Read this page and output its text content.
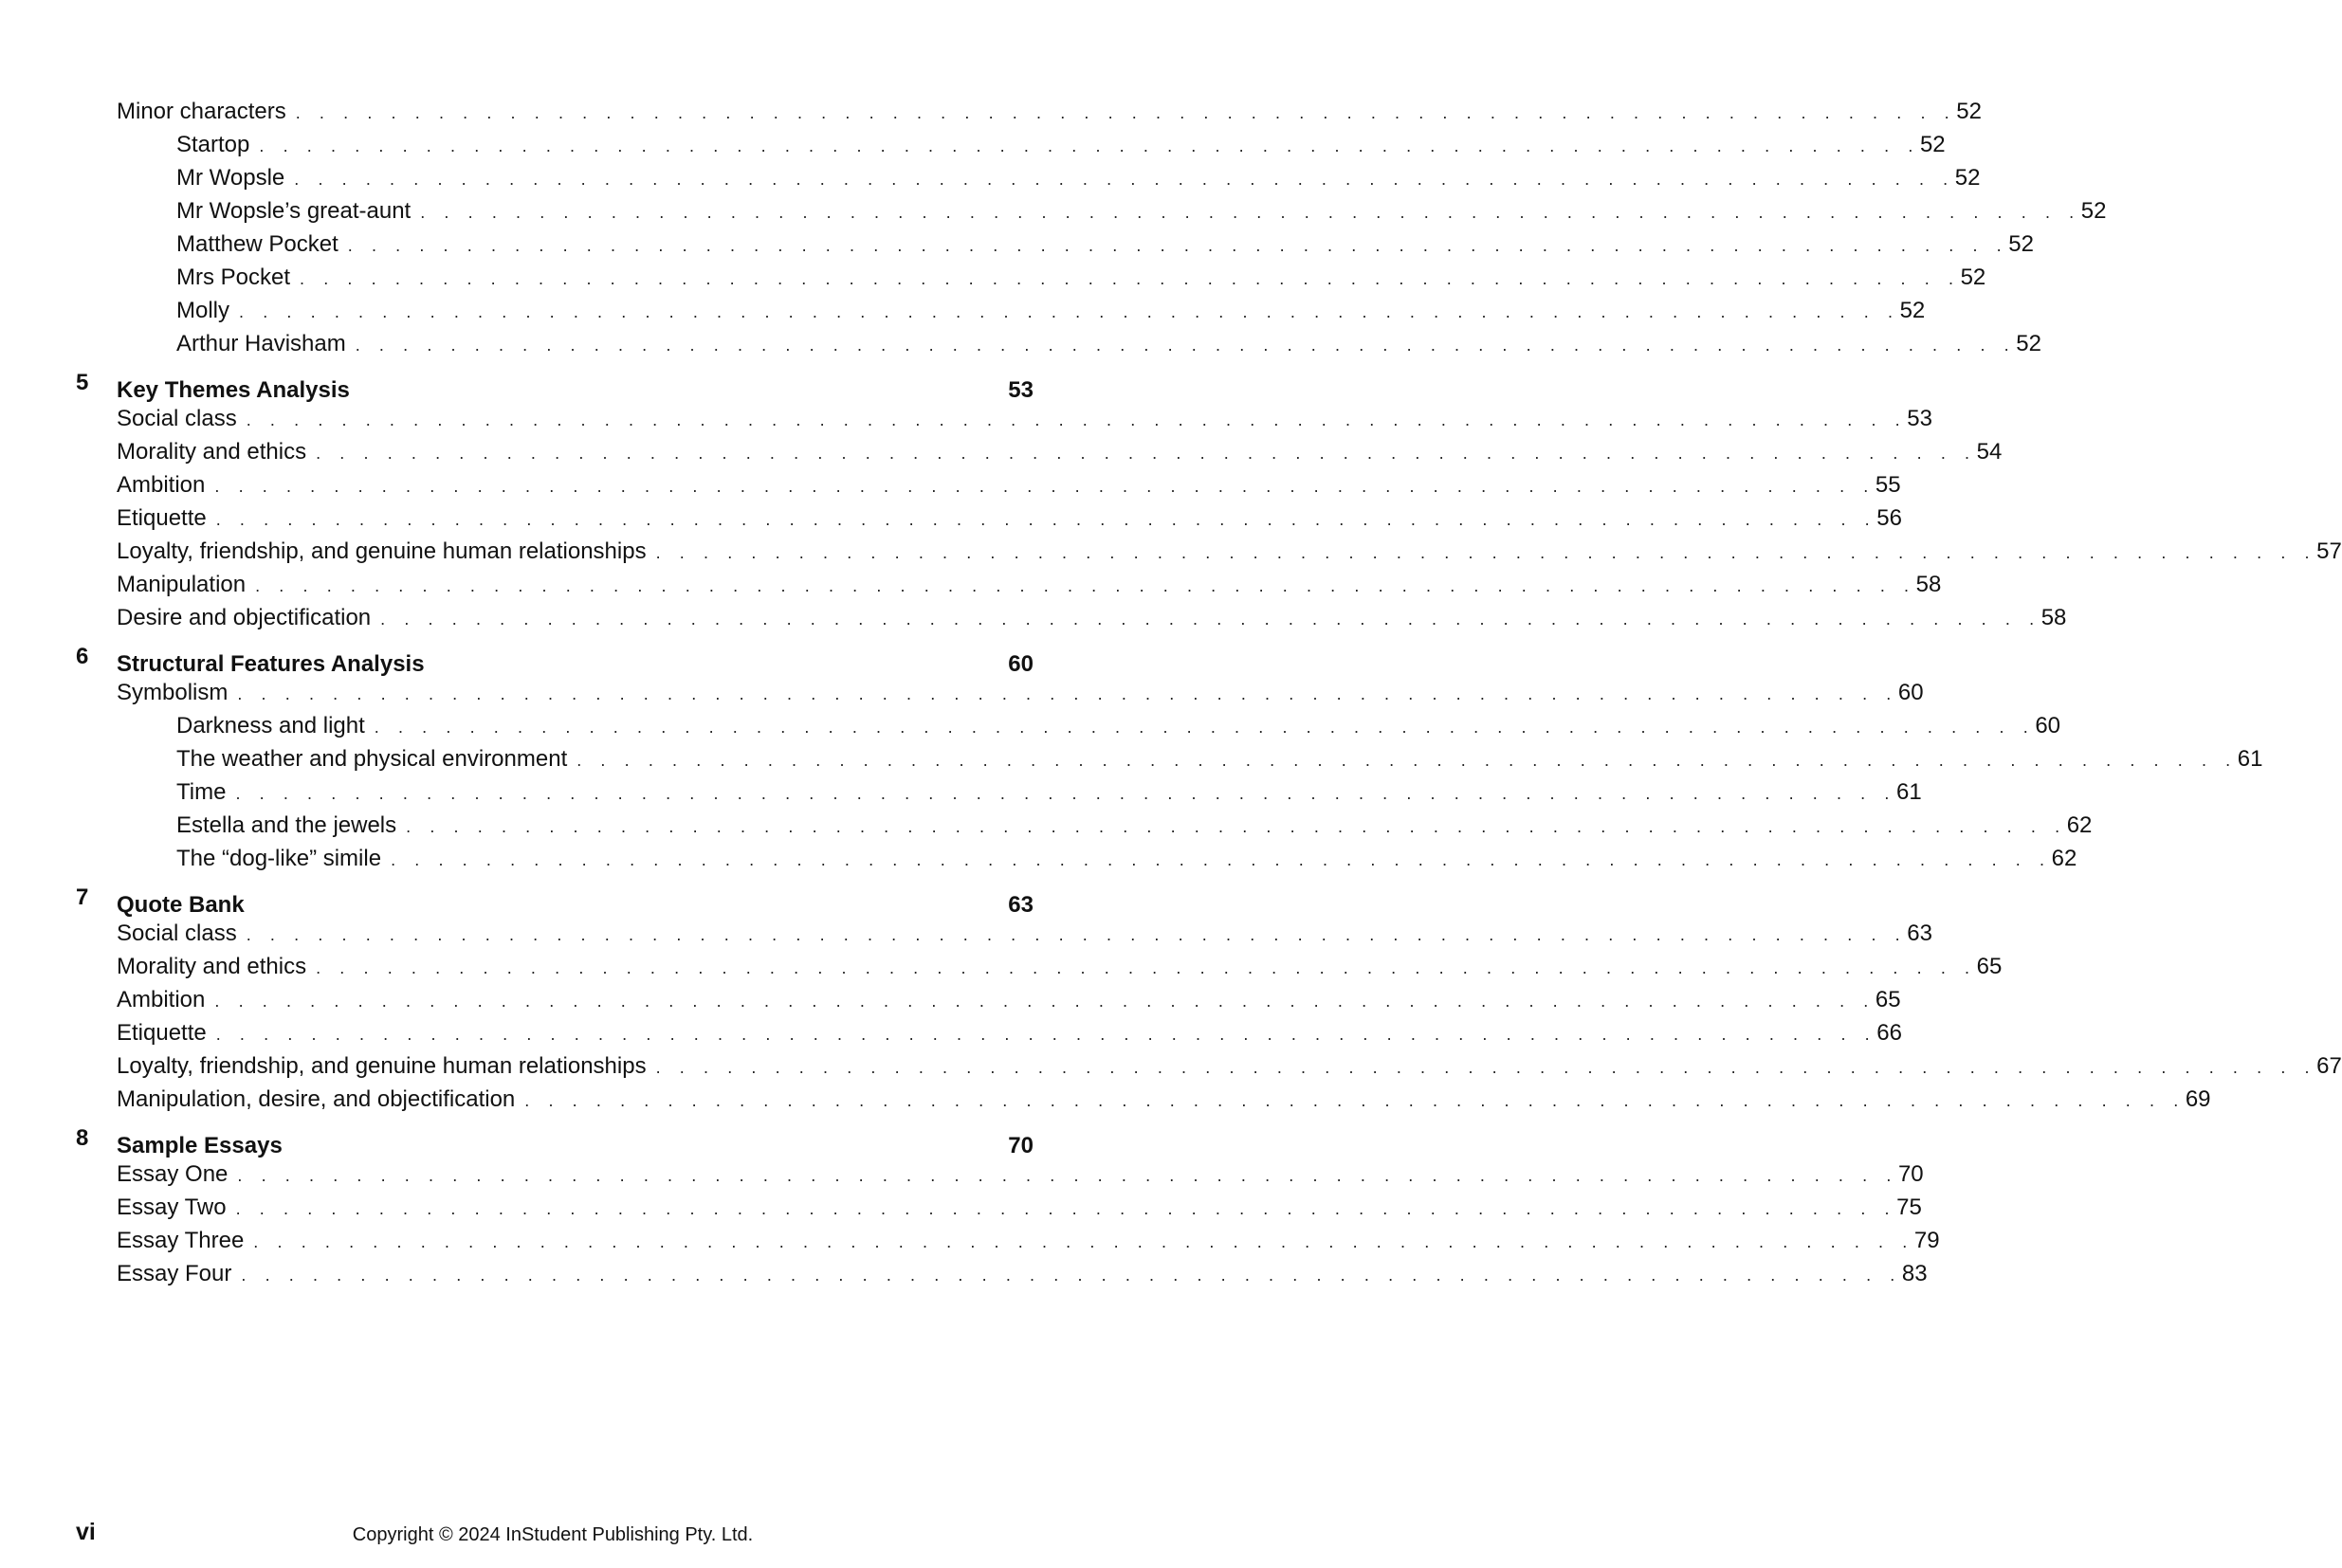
Minor characters . . . . . . . . . . . . . . . . . . . . . . . . . . . . . . . . . . . . . . . . . . . . . . . . . . . . . . . . . . . . . . . . . . . . . . 52
Startop . . . . . . . . . . . . . . . . . . . . . . . . . . . . . . . . . . . . . . . . . . . . . . . . . . . . . . . . . . . . . . . . . . . . . . 52
Mr Wopsle . . . . . . . . . . . . . . . . . . . . . . . . . . . . . . . . . . . . . . . . . . . . . . . . . . . . . . . . . . . . . . . . . . . . . . 52
Mr Wopsle’s great-aunt . . . . . . . . . . . . . . . . . . . . . . . . . . . . . . . . . . . . . . . . . . . . . . . . . . . . . . . . . . . . . . . . . . . . . . 52
Matthew Pocket . . . . . . . . . . . . . . . . . . . . . . . . . . . . . . . . . . . . . . . . . . . . . . . . . . . . . . . . . . . . . . . . . . . . . . 52
Mrs Pocket . . . . . . . . . . . . . . . . . . . . . . . . . . . . . . . . . . . . . . . . . . . . . . . . . . . . . . . . . . . . . . . . . . . . . . 52
Molly . . . . . . . . . . . . . . . . . . . . . . . . . . . . . . . . . . . . . . . . . . . . . . . . . . . . . . . . . . . . . . . . . . . . . . 52
Arthur Havisham . . . . . . . . . . . . . . . . . . . . . . . . . . . . . . . . . . . . . . . . . . . . . . . . . . . . . . . . . . . . . . . . . . . . . . 52
5 Key Themes Analysis	53
Social class . . . . . . . . . . . . . . . . . . . . . . . . . . . . . . . . . . . . . . . . . . . . . . . . . . . . . . . . . . . . . . . . . . . . . . 53
Morality and ethics . . . . . . . . . . . . . . . . . . . . . . . . . . . . . . . . . . . . . . . . . . . . . . . . . . . . . . . . . . . . . . . . . . . . . . 54
Ambition . . . . . . . . . . . . . . . . . . . . . . . . . . . . . . . . . . . . . . . . . . . . . . . . . . . . . . . . . . . . . . . . . . . . . . 55
Etiquette . . . . . . . . . . . . . . . . . . . . . . . . . . . . . . . . . . . . . . . . . . . . . . . . . . . . . . . . . . . . . . . . . . . . . . 56
Loyalty, friendship, and genuine human relationships . . . . . . . . . . . . . . . . . . . . . . . . . . . . . . . . . . . . . . . . . . . . . . . . . . . . . . . . . . . . . . . . . . . . . . 57
Manipulation . . . . . . . . . . . . . . . . . . . . . . . . . . . . . . . . . . . . . . . . . . . . . . . . . . . . . . . . . . . . . . . . . . . . . . 58
Desire and objectification . . . . . . . . . . . . . . . . . . . . . . . . . . . . . . . . . . . . . . . . . . . . . . . . . . . . . . . . . . . . . . . . . . . . . . 58
6 Structural Features Analysis	60
Symbolism . . . . . . . . . . . . . . . . . . . . . . . . . . . . . . . . . . . . . . . . . . . . . . . . . . . . . . . . . . . . . . . . . . . . . . 60
Darkness and light . . . . . . . . . . . . . . . . . . . . . . . . . . . . . . . . . . . . . . . . . . . . . . . . . . . . . . . . . . . . . . . . . . . . . . 60
The weather and physical environment . . . . . . . . . . . . . . . . . . . . . . . . . . . . . . . . . . . . . . . . . . . . . . . . . . . . . . . . . . . . . . . . . . . . . . 61
Time . . . . . . . . . . . . . . . . . . . . . . . . . . . . . . . . . . . . . . . . . . . . . . . . . . . . . . . . . . . . . . . . . . . . . . 61
Estella and the jewels . . . . . . . . . . . . . . . . . . . . . . . . . . . . . . . . . . . . . . . . . . . . . . . . . . . . . . . . . . . . . . . . . . . . . . 62
The “dog-like” simile . . . . . . . . . . . . . . . . . . . . . . . . . . . . . . . . . . . . . . . . . . . . . . . . . . . . . . . . . . . . . . . . . . . . . . 62
7 Quote Bank	63
Social class . . . . . . . . . . . . . . . . . . . . . . . . . . . . . . . . . . . . . . . . . . . . . . . . . . . . . . . . . . . . . . . . . . . . . . 63
Morality and ethics . . . . . . . . . . . . . . . . . . . . . . . . . . . . . . . . . . . . . . . . . . . . . . . . . . . . . . . . . . . . . . . . . . . . . . 65
Ambition . . . . . . . . . . . . . . . . . . . . . . . . . . . . . . . . . . . . . . . . . . . . . . . . . . . . . . . . . . . . . . . . . . . . . . 65
Etiquette . . . . . . . . . . . . . . . . . . . . . . . . . . . . . . . . . . . . . . . . . . . . . . . . . . . . . . . . . . . . . . . . . . . . . . 66
Loyalty, friendship, and genuine human relationships . . . . . . . . . . . . . . . . . . . . . . . . . . . . . . . . . . . . . . . . . . . . . . . . . . . . . . . . . . . . . . . . . . . . . . 67
Manipulation, desire, and objectification . . . . . . . . . . . . . . . . . . . . . . . . . . . . . . . . . . . . . . . . . . . . . . . . . . . . . . . . . . . . . . . . . . . . . . 69
8 Sample Essays	70
Essay One . . . . . . . . . . . . . . . . . . . . . . . . . . . . . . . . . . . . . . . . . . . . . . . . . . . . . . . . . . . . . . . . . . . . . . 70
Essay Two . . . . . . . . . . . . . . . . . . . . . . . . . . . . . . . . . . . . . . . . . . . . . . . . . . . . . . . . . . . . . . . . . . . . . . 75
Essay Three . . . . . . . . . . . . . . . . . . . . . . . . . . . . . . . . . . . . . . . . . . . . . . . . . . . . . . . . . . . . . . . . . . . . . . 79
Essay Four . . . . . . . . . . . . . . . . . . . . . . . . . . . . . . . . . . . . . . . . . . . . . . . . . . . . . . . . . . . . . . . . . . . . . . 83
vi	Copyright © 2024 InStudent Publishing Pty. Ltd.
